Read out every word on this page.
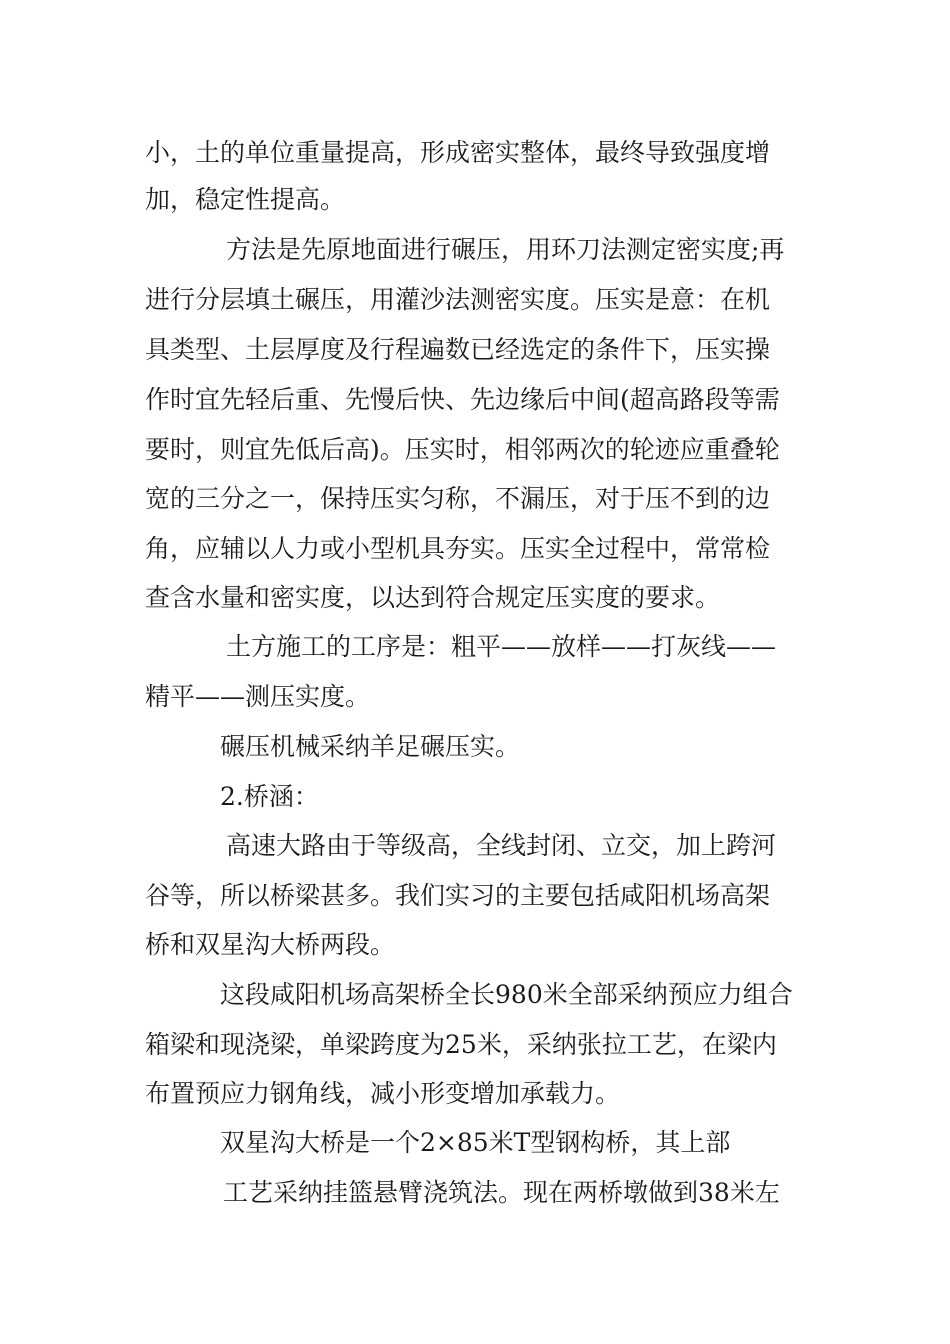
小，土的单位重量提高，形成密实整体，最终导致强度增
加，稳定性提高。
方法是先原地面进行碾压，用环刀法测定密实度;再
进行分层填土碾压，用灌沙法测密实度。压实是意：在机
具类型、土层厚度及行程遍数已经选定的条件下，压实操
作时宜先轻后重、先慢后快、先边缘后中间(超高路段等需
要时，则宜先低后高)。压实时，相邻两次的轮迹应重叠轮
宽的三分之一，保持压实匀称，不漏压，对于压不到的边
角，应辅以人力或小型机具夯实。压实全过程中，常常检
查含水量和密实度，以达到符合规定压实度的要求。
土方施工的工序是：粗平——放样——打灰线——
精平——测压实度。
碾压机械采纳羊足碾压实。
2.桥涵：
高速大路由于等级高，全线封闭、立交，加上跨河
谷等，所以桥梁甚多。我们实习的主要包括咸阳机场高架
桥和双星沟大桥两段。
这段咸阳机场高架桥全长980米全部采纳预应力组合
箱梁和现浇梁，单梁跨度为25米，采纳张拉工艺，在梁内
布置预应力钢角线，减小形变增加承载力。
双星沟大桥是一个2×85米T型钢构桥，其上部
工艺采纳挂篮悬臂浇筑法。现在两桥墩做到38米左
